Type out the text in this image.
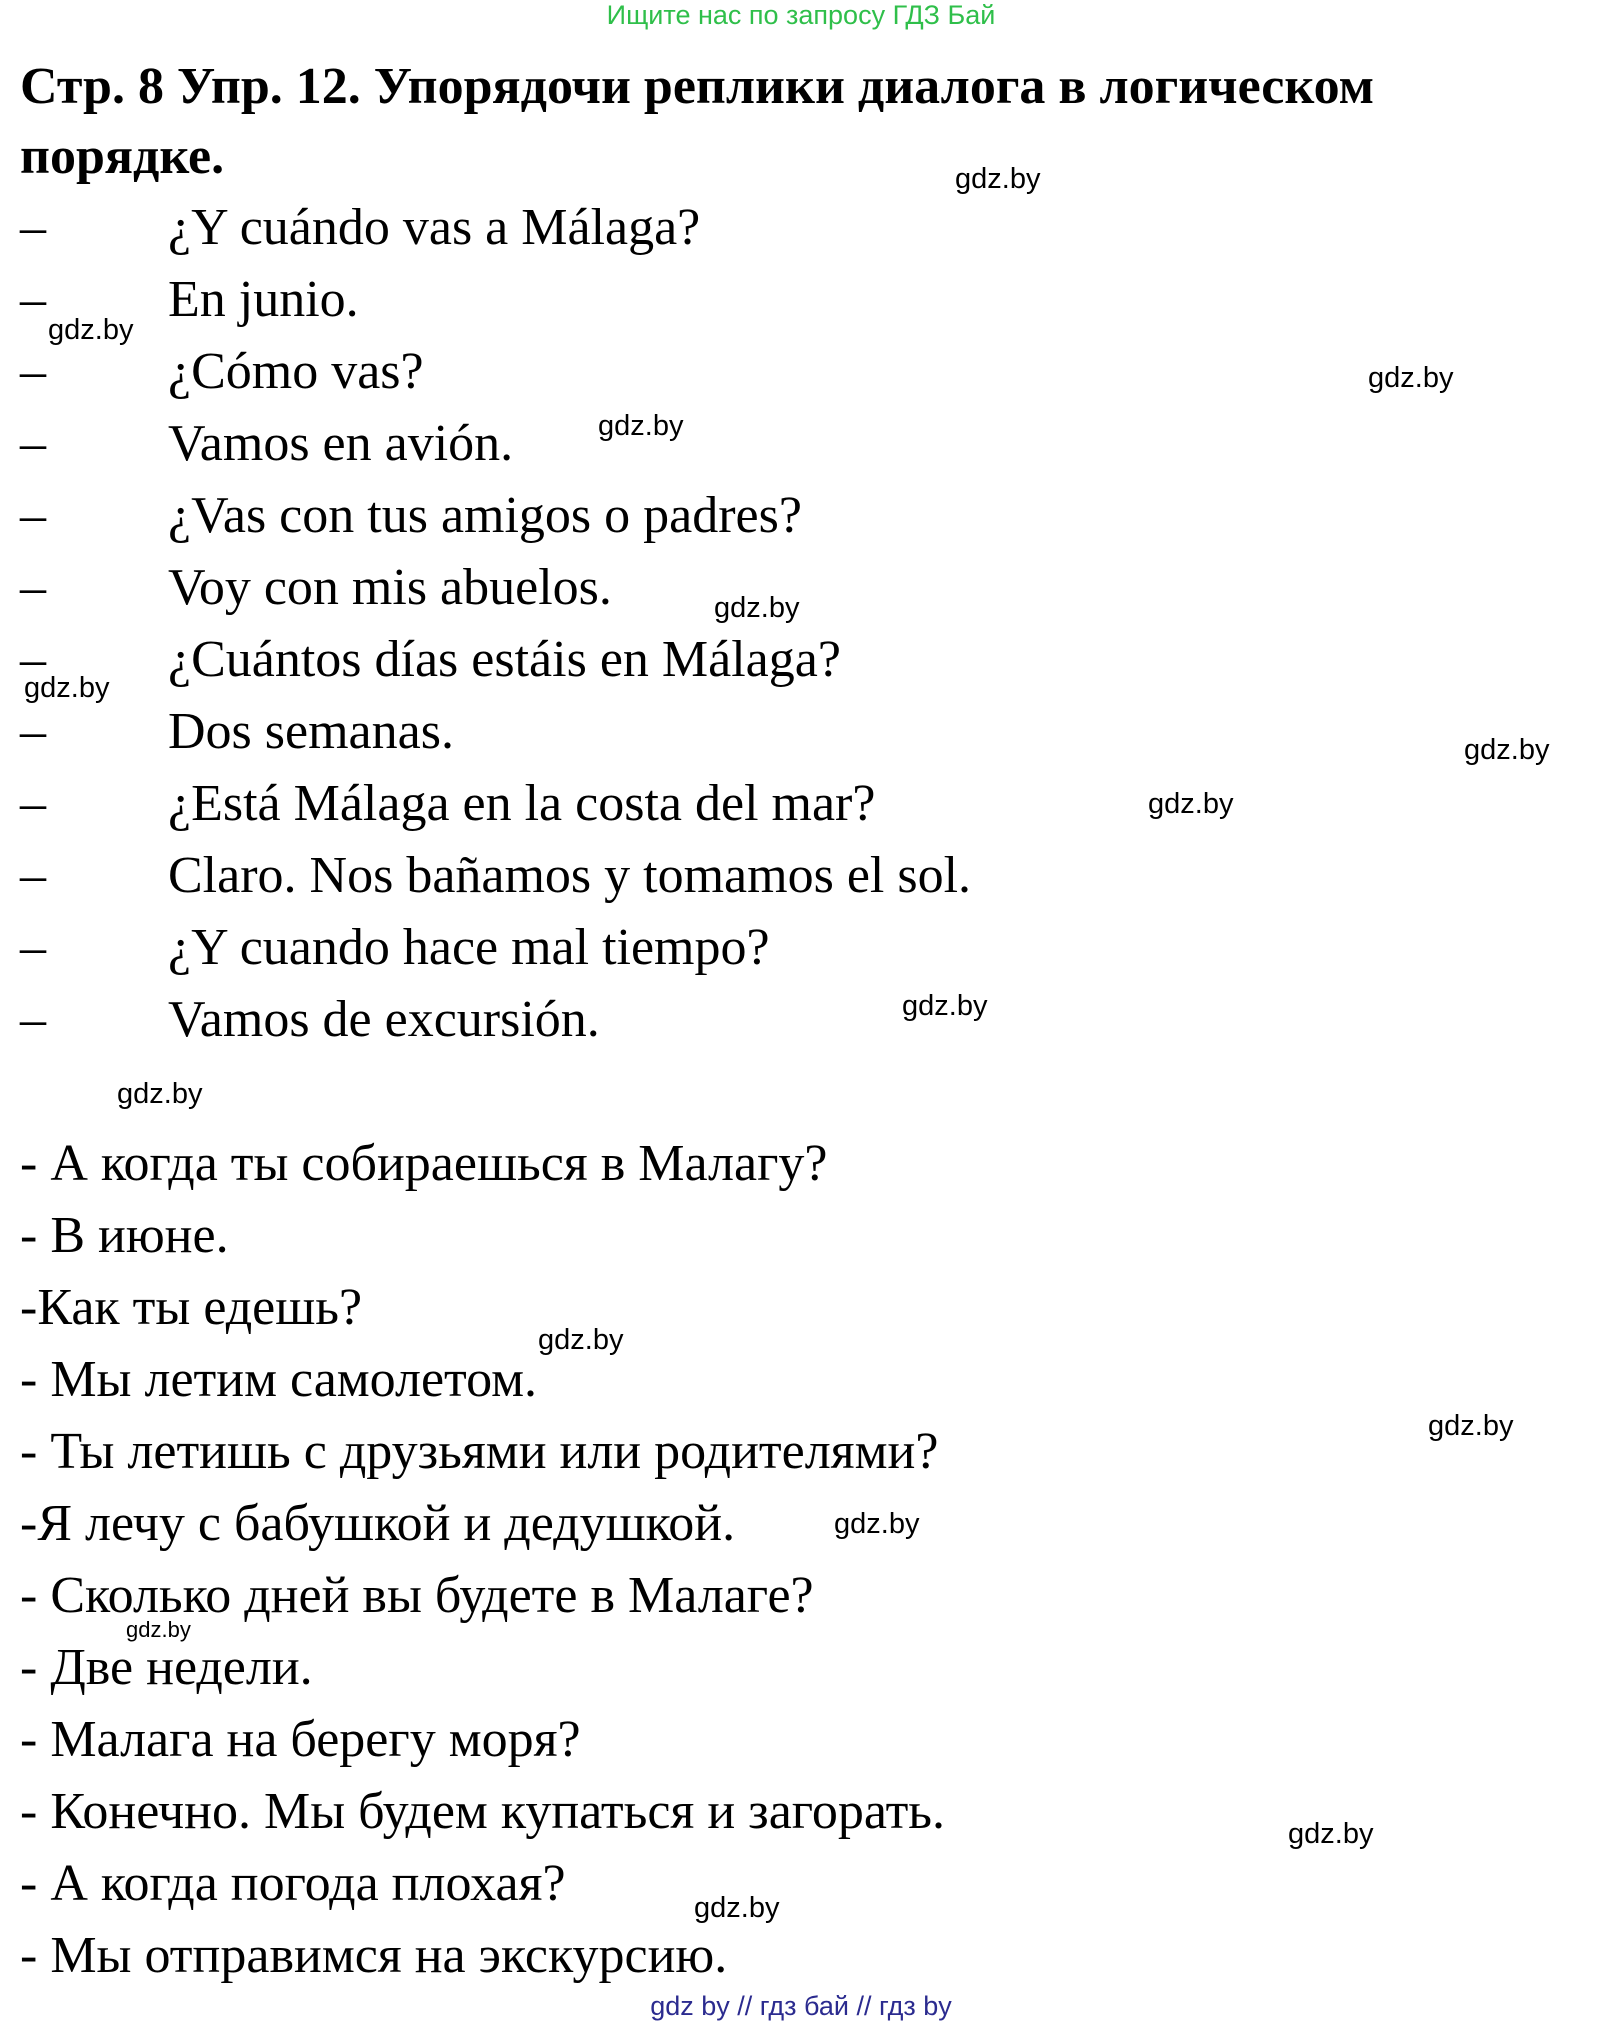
Ищите нас по запросу ГДЗ Бай
Стр. 8 Упр. 12. Упорядочи реплики диалога в логическом порядке.
– ¿Y cuándo vas a Málaga?
– En junio.
– ¿Cómo vas?
– Vamos en avión.
– ¿Vas con tus amigos o padres?
– Voy con mis abuelos.
– ¿Cuántos días estáis en Málaga?
– Dos semanas.
– ¿Está Málaga en la costa del mar?
– Claro. Nos bañamos y tomamos el sol.
– ¿Y cuando hace mal tiempo?
– Vamos de excursión.
- А когда ты собираешься в Малагу?
- В июне.
-Как ты едешь?
- Мы летим самолетом.
- Ты летишь с друзьями или родителями?
-Я лечу с бабушкой и дедушкой.
- Сколько дней вы будете в Малаге?
- Две недели.
- Малага на берегу моря?
- Конечно. Мы будем купаться и загорать.
- А когда погода плохая?
- Мы отправимся на экскурсию.
gdz.by
gdz.by
gdz.by
gdz.by
gdz.by
gdz.by
gdz.by
gdz.by
gdz.by
gdz.by
gdz.by
gdz.by
gdz.by
gdz.by
gdz.by
gdz.by
gdz by // гдз бай // гдз by
